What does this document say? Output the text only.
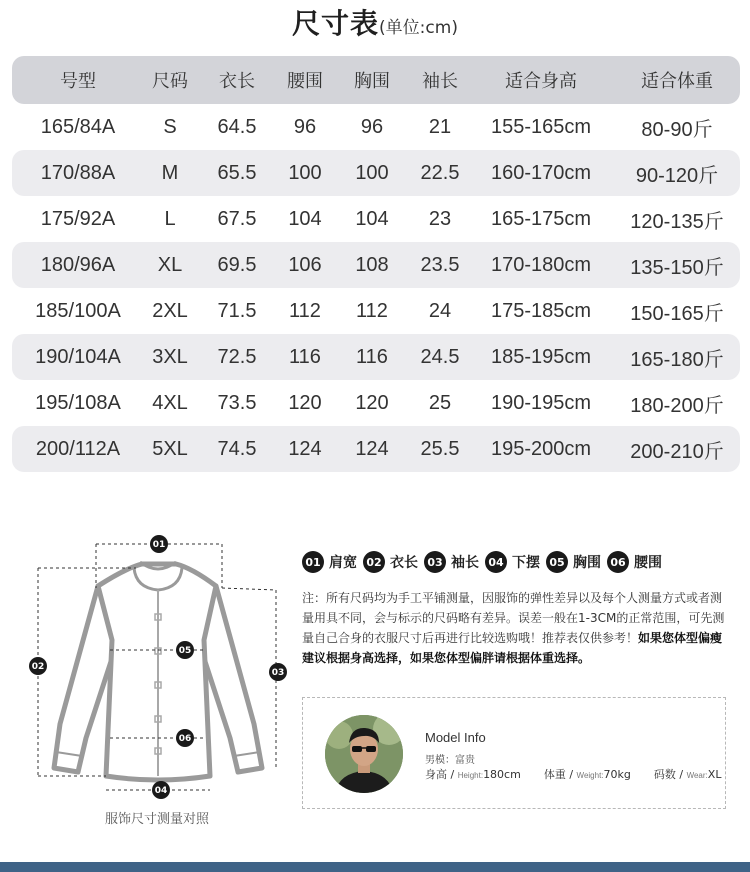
尺寸表(单位:cm)
号型	尺码	衣长	腰围	胸围	袖长	适合身高	适合体重
165/84A	S	64.5	96	96	21	155-165cm	80-90斤
170/88A	M	65.5	100	100	22.5	160-170cm	90-120斤
175/92A	L	67.5	104	104	23	165-175cm	120-135斤
180/96A	XL	69.5	106	108	23.5	170-180cm	135-150斤
185/100A	2XL	71.5	112	112	24	175-185cm	150-165斤
190/104A	3XL	72.5	116	116	24.5	185-195cm	165-180斤
195/108A	4XL	73.5	120	120	25	190-195cm	180-200斤
200/112A	5XL	74.5	124	124	25.5	195-200cm	200-210斤
01
02
03
04
05
06
服饰尺寸测量对照
01 肩宽 02 衣长 03 袖长 04 下摆 05 胸围 06 腰围
注：所有尺码均为手工平铺测量，因服饰的弹性差异以及每个人测量方式或者测量用具不同，会与标示的尺码略有差异。误差一般在1-3CM的正常范围，可先测量自己合身的衣服尺寸后再进行比较选购哦！推荐表仅供参考！如果您体型偏瘦建议根据身高选择，如果您体型偏胖请根据体重选择。
Model Info
男模：富贵
身高 / Height:180cm 体重 / Weight:70kg 码数 / Wear:XL
